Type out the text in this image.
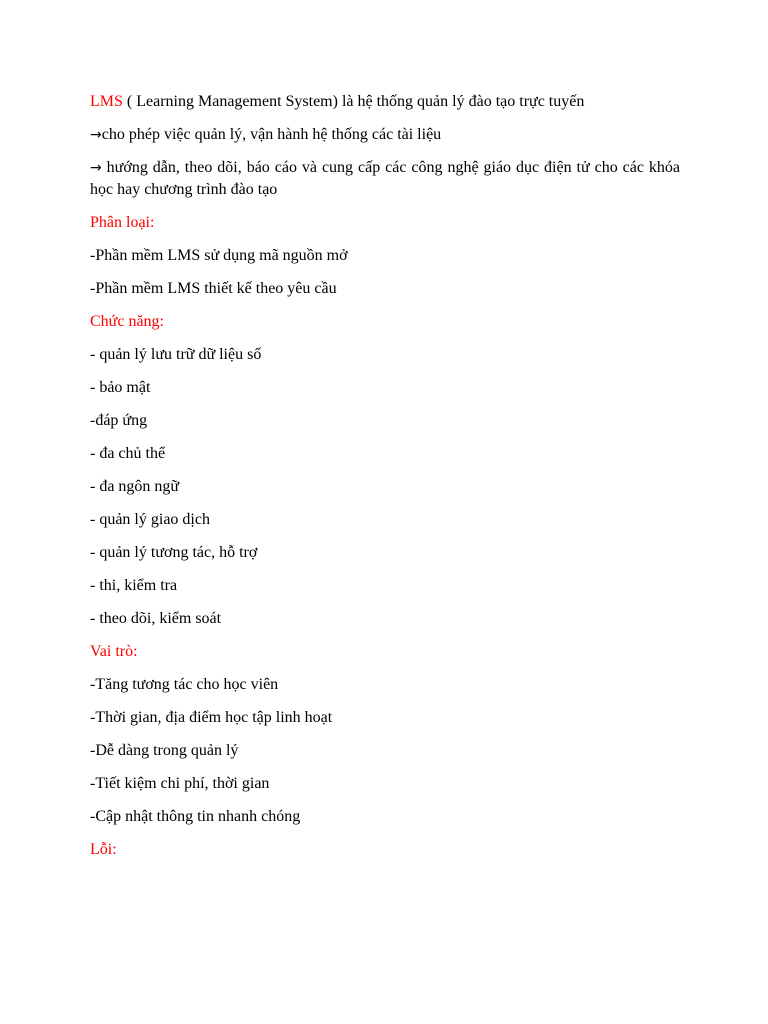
LMS ( Learning Management System) là hệ thống quản lý đào tạo trực tuyến

→cho phép việc quản lý, vận hành hệ thống các tài liệu

→ hướng dẫn, theo dõi, báo cáo và cung cấp các công nghệ giáo dục điện tử cho các khóa học hay chương trình đào tạo

Phân loại:

-Phần mềm LMS sử dụng mã nguồn mở

-Phần mềm LMS thiết kế theo yêu cầu

Chức năng:

- quản lý lưu trữ dữ liệu số

- bảo mật

-đáp ứng

- đa chủ thể

- đa ngôn ngữ

- quản lý giao dịch

- quản lý tương tác, hỗ trợ

- thi, kiểm tra

- theo dõi, kiểm soát

Vai trò:

-Tăng tương tác cho học viên

-Thời gian, địa điểm học tập linh hoạt

-Dễ dàng trong quản lý

-Tiết kiệm chi phí, thời gian

-Cập nhật thông tin nhanh chóng

Lỗi:
